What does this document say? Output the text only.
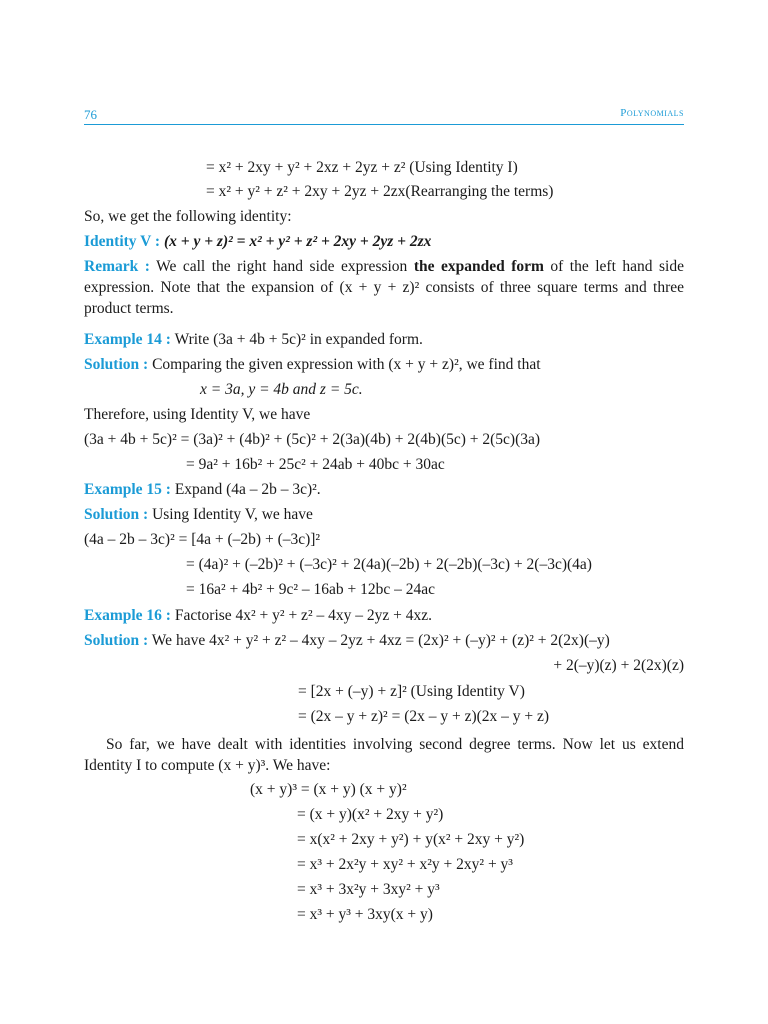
76	Polynomials
= x² + 2xy + y² + 2xz + 2yz + z² (Using Identity I)
= x² + y² + z² + 2xy + 2yz + 2zx(Rearranging the terms)
So, we get the following identity:
Identity V : (x + y + z)² = x² + y² + z² + 2xy + 2yz + 2zx
Remark : We call the right hand side expression the expanded form of the left hand side expression. Note that the expansion of (x + y + z)² consists of three square terms and three product terms.
Example 14 : Write (3a + 4b + 5c)² in expanded form.
Solution : Comparing the given expression with (x + y + z)², we find that
x = 3a, y = 4b and z = 5c.
Therefore, using Identity V, we have
(3a + 4b + 5c)² = (3a)² + (4b)² + (5c)² + 2(3a)(4b) + 2(4b)(5c) + 2(5c)(3a)
= 9a² + 16b² + 25c² + 24ab + 40bc + 30ac
Example 15 : Expand (4a – 2b – 3c)².
Solution : Using Identity V, we have
(4a – 2b – 3c)² = [4a + (–2b) + (–3c)]²
= (4a)² + (–2b)² + (–3c)² + 2(4a)(–2b) + 2(–2b)(–3c) + 2(–3c)(4a)
= 16a² + 4b² + 9c² – 16ab + 12bc – 24ac
Example 16 : Factorise 4x² + y² + z² – 4xy – 2yz + 4xz.
Solution : We have 4x² + y² + z² – 4xy – 2yz + 4xz = (2x)² + (–y)² + (z)² + 2(2x)(–y)
+ 2(–y)(z) + 2(2x)(z)
= [2x + (–y) + z]² (Using Identity V)
= (2x – y + z)² = (2x – y + z)(2x – y + z)
So far, we have dealt with identities involving second degree terms. Now let us extend Identity I to compute (x + y)³. We have:
(x + y)³ = (x + y) (x + y)²
= (x + y)(x² + 2xy + y²)
= x(x² + 2xy + y²) + y(x² + 2xy + y²)
= x³ + 2x²y + xy² + x²y + 2xy² + y³
= x³ + 3x²y + 3xy² + y³
= x³ + y³ + 3xy(x + y)
